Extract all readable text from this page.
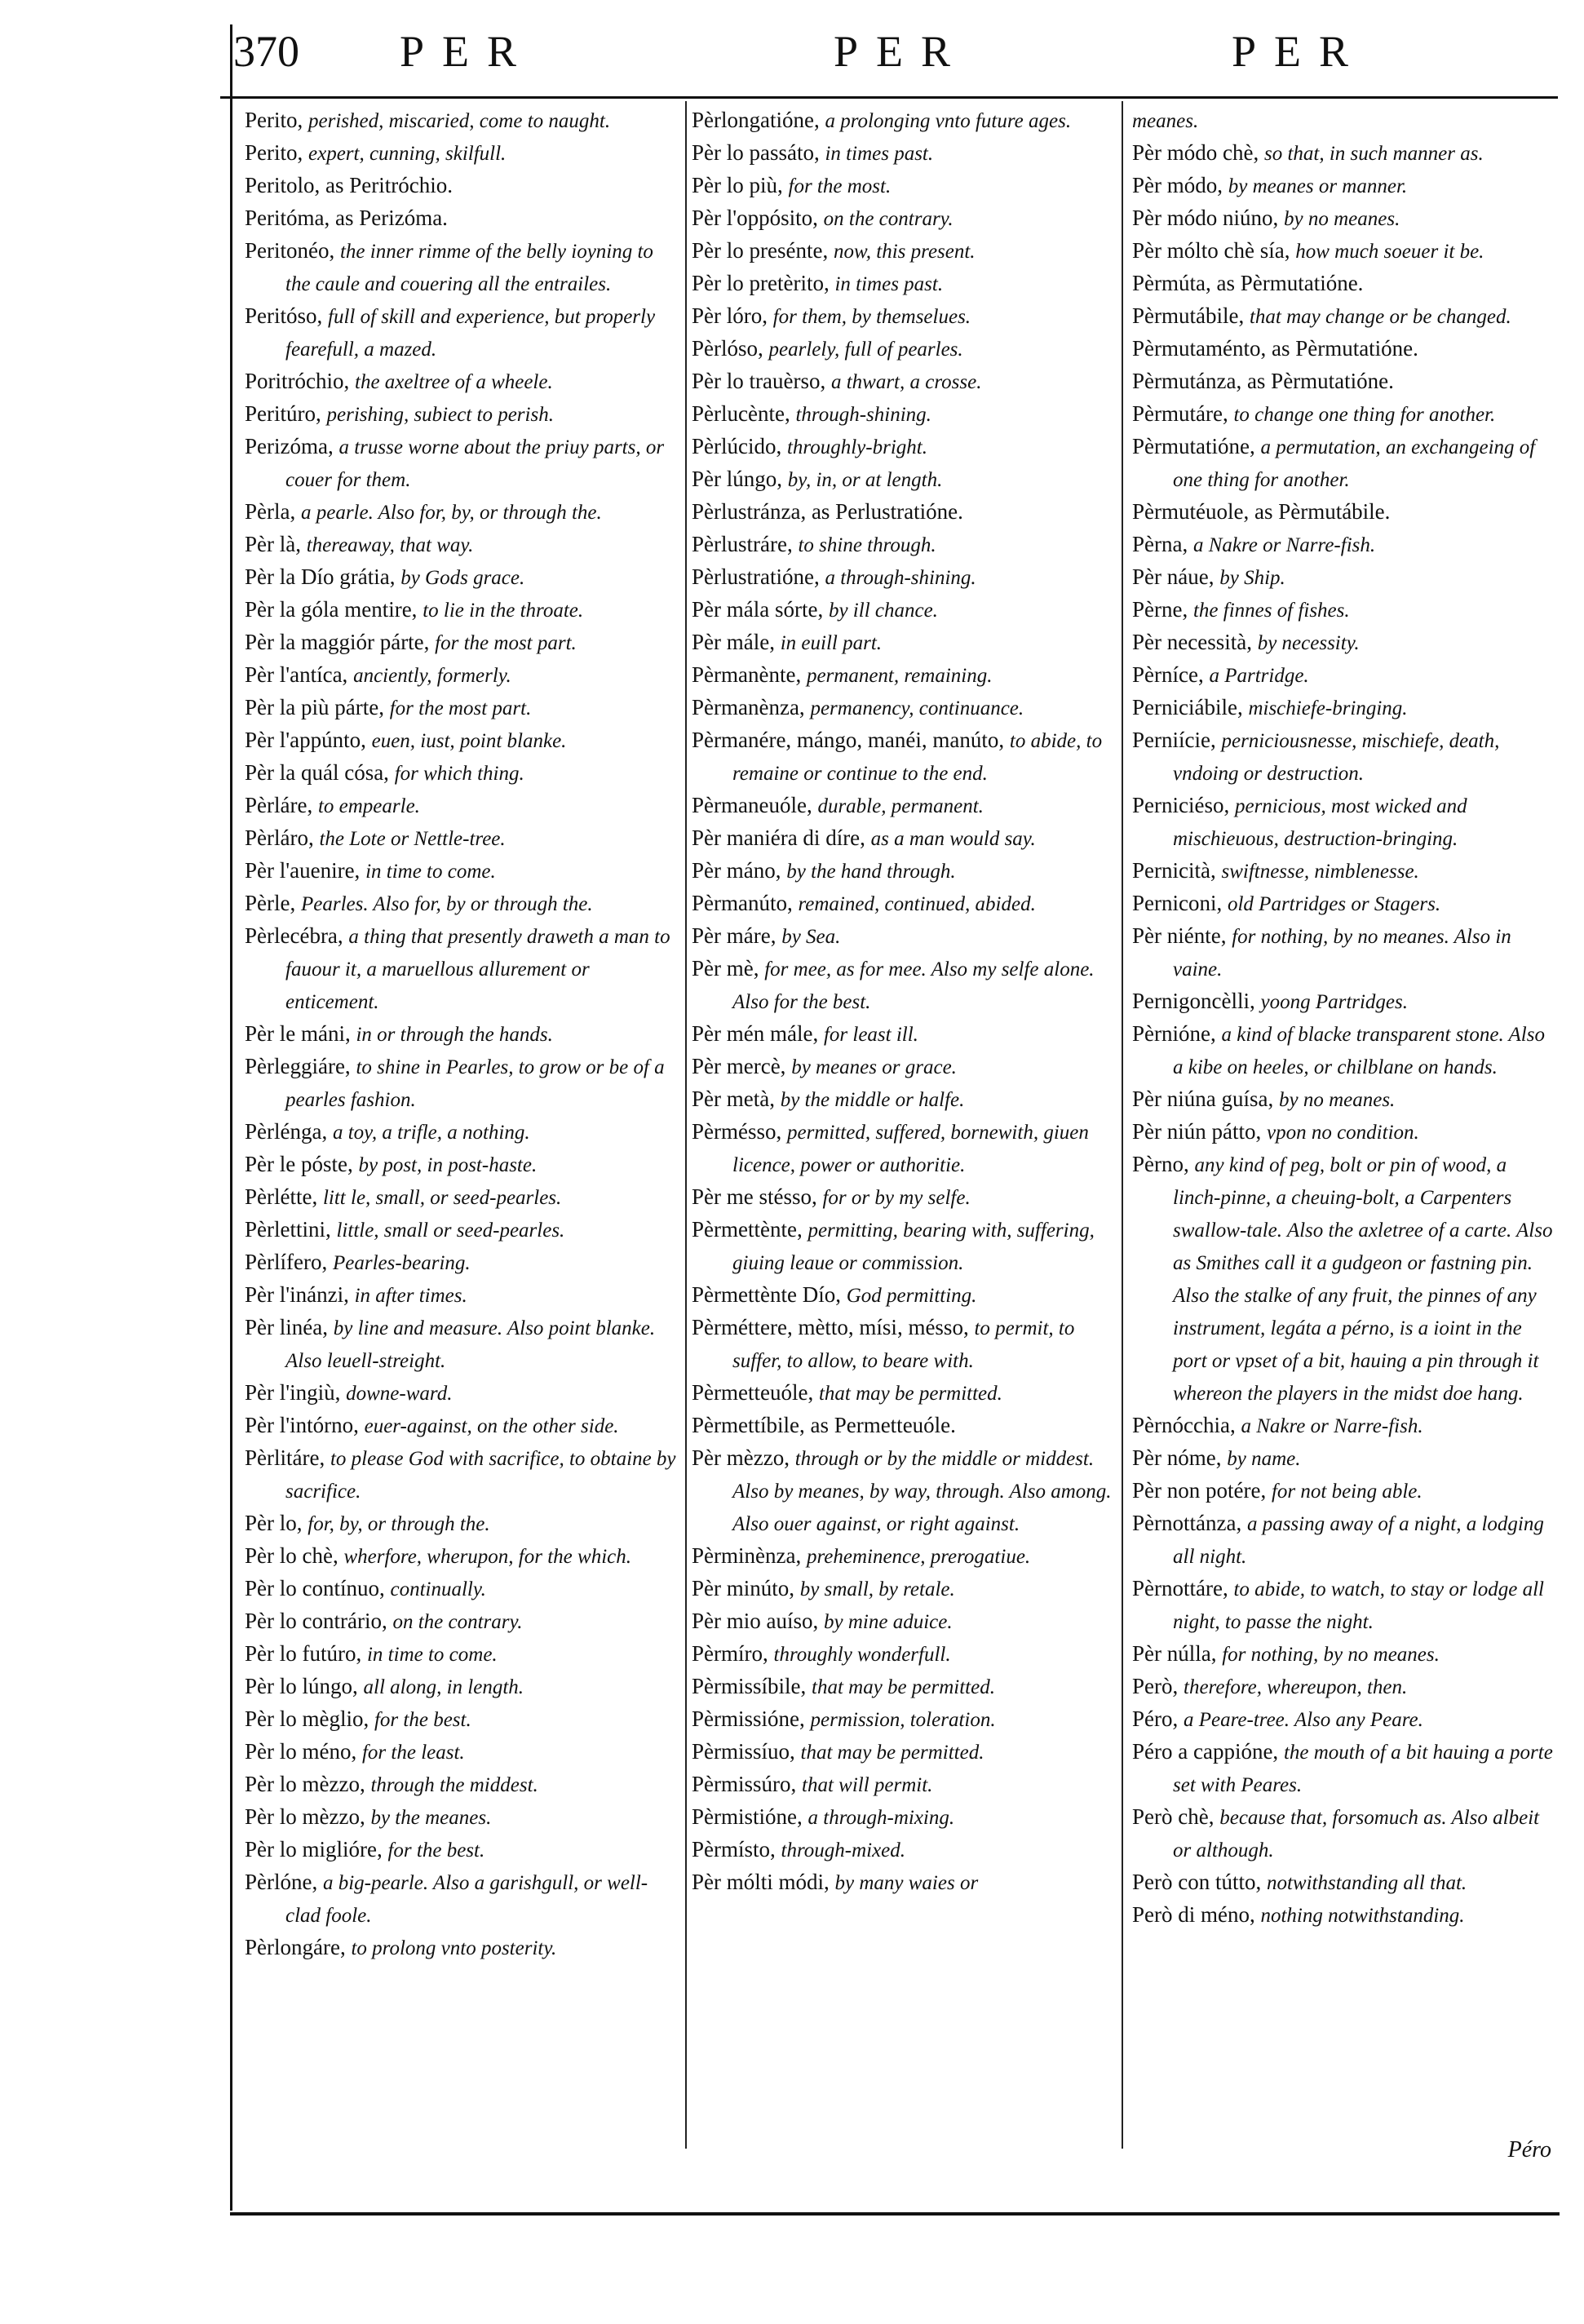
370 PER	PER	PER

Perito, perished, miscaried, come to naught.

Perito, expert, cunning, skilfull.

Peritolo, as Peritróchio.

Peritóma, as Perizóma.

Peritonéo, the inner rimme of the belly ioyning to the caule and couering all the entrailes.

Peritóso, full of skill and experience, but properly fearefull, a mazed.

Poritróchio, the axeltree of a wheele.

Peritúro, perishing, subiect to perish.

Perizóma, a trusse worne about the priuy parts, or couer for them.

Pèrla, a pearle. Also for, by, or through the.

Pèr là, thereaway, that way.

Pèr la Dío grátia, by Gods grace.

Pèr la góla mentire, to lie in the throate.

Pèr la maggiór párte, for the most part.

Pèr l'antíca, anciently, formerly.

Pèr la più párte, for the most part.

Pèr l'appúnto, euen, iust, point blanke.

Pèr la quál cósa, for which thing.

Pèrláre, to empearle.

Pèrláro, the Lote or Nettle-tree.

Pèr l'auenire, in time to come.

Pèrle, Pearles. Also for, by or through the.

Pèrlecébra, a thing that presently draweth a man to fauour it, a maruellous allurement or enticement.

Pèr le máni, in or through the hands.

Pèrleggiáre, to shine in Pearles, to grow or be of a pearles fashion.

Pèrlénga, a toy, a trifle, a nothing.

Pèr le póste, by post, in post-haste.

Pèrlétte, litt le, small, or seed-pearles.

Pèrlettini, little, small or seed-pearles.

Pèrlífero, Pearles-bearing.

Pèr l'inánzi, in after times.

Pèr linéa, by line and measure. Also point blanke. Also leuell-streight.

Pèr l'ingiù, downe-ward.

Pèr l'intórno, euer-against, on the other side.

Pèrlitáre, to please God with sacrifice, to obtaine by sacrifice.

Pèr lo, for, by, or through the.

Pèr lo chè, wherfore, wherupon, for the which.

Pèr lo contínuo, continually.

Pèr lo contrário, on the contrary.

Pèr lo futúro, in time to come.

Pèr lo lúngo, all along, in length.

Pèr lo mèglio, for the best.

Pèr lo méno, for the least.

Pèr lo mèzzo, through the middest.

Pèr lo mèzzo, by the meanes.

Pèr lo miglióre, for the best.

Pèrlóne, a big-pearle. Also a garishgull, or well-clad foole.

Pèrlongáre, to prolong vnto posterity.

Pèrlongatióne, a prolonging vnto future ages.

Pèr lo passáto, in times past.

Pèr lo più, for the most.

Pèr l'oppósito, on the contrary.

Pèr lo presénte, now, this present.

Pèr lo pretèrito, in times past.

Pèr lóro, for them, by themselues.

Pèrlóso, pearlely, full of pearles.

Pèr lo trauèrso, a thwart, a crosse.

Pèrlucènte, through-shining.

Pèrlúcido, throughly-bright.

Pèr lúngo, by, in, or at length.

Pèrlustránza, as Perlustratióne.

Pèrlustráre, to shine through.

Pèrlustratióne, a through-shining.

Pèr mála sórte, by ill chance.

Pèr mále, in euill part.

Pèrmanènte, permanent, remaining.

Pèrmanènza, permanency, continuance.

Pèrmanére, mángo, manéi, manúto, to abide, to remaine or continue to the end.

Pèrmaneuóle, durable, permanent.

Pèr maniéra di díre, as a man would say.

Pèr máno, by the hand through.

Pèrmanúto, remained, continued, abided.

Pèr máre, by Sea.

Pèr mè, for mee, as for mee. Also my selfe alone. Also for the best.

Pèr mén mále, for least ill.

Pèr mercè, by meanes or grace.

Pèr metà, by the middle or halfe.

Pèrmésso, permitted, suffered, bornewith, giuen licence, power or authoritie.

Pèr me stésso, for or by my selfe.

Pèrmettènte, permitting, bearing with, suffering, giuing leaue or commission.

Pèrmettènte Dío, God permitting.

Pèrméttere, mètto, mísi, mésso, to permit, to suffer, to allow, to beare with.

Pèrmetteuóle, that may be permitted.

Pèrmettíbile, as Permetteuóle.

Pèr mèzzo, through or by the middle or middest. Also by meanes, by way, through. Also among. Also ouer against, or right against.

Pèrminènza, preheminence, prerogatiue.

Pèr minúto, by small, by retale.

Pèr mio auíso, by mine aduice.

Pèrmíro, throughly wonderfull.

Pèrmissíbile, that may be permitted.

Pèrmissióne, permission, toleration.

Pèrmissíuo, that may be permitted.

Pèrmissúro, that will permit.

Pèrmistióne, a through-mixing.

Pèrmísto, through-mixed.

Pèr mólti módi, by many waies or

meanes.

Pèr módo chè, so that, in such manner as.

Pèr módo, by meanes or manner.

Pèr módo niúno, by no meanes.

Pèr mólto chè sía, how much soeuer it be.

Pèrmúta, as Pèrmutatióne.

Pèrmutábile, that may change or be changed.

Pèrmutaménto, as Pèrmutatióne.

Pèrmutánza, as Pèrmutatióne.

Pèrmutáre, to change one thing for another.

Pèrmutatióne, a permutation, an exchangeing of one thing for another.

Pèrmutéuole, as Pèrmutábile.

Pèrna, a Nakre or Narre-fish.

Pèr náue, by Ship.

Pèrne, the finnes of fishes.

Pèr necessità, by necessity.

Pèrníce, a Partridge.

Perniciábile, mischiefe-bringing.

Perniície, perniciousnesse, mischiefe, death, vndoing or destruction.

Perniciéso, pernicious, most wicked and mischieuous, destruction-bringing.

Pernicità, swiftnesse, nimblenesse.

Perniconi, old Partridges or Stagers.

Pèr niénte, for nothing, by no meanes. Also in vaine.

Pernigoncèlli, yoong Partridges.

Pèrnióne, a kind of blacke transparent stone. Also a kibe on heeles, or chilblane on hands.

Pèr niúna guísa, by no meanes.

Pèr niún pátto, vpon no condition.

Pèrno, any kind of peg, bolt or pin of wood, a linch-pinne, a cheuing-bolt, a Carpenters swallow-tale. Also the axletree of a carte. Also as Smithes call it a gudgeon or fastning pin. Also the stalke of any fruit, the pinnes of any instrument, legáta a pérno, is a ioint in the port or vpset of a bit, hauing a pin through it whereon the players in the midst doe hang.

Pèrnócchia, a Nakre or Narre-fish.

Pèr nóme, by name.

Pèr non potére, for not being able.

Pèrnottánza, a passing away of a night, a lodging all night.

Pèrnottáre, to abide, to watch, to stay or lodge all night, to passe the night.

Pèr núlla, for nothing, by no meanes.

Però, therefore, whereupon, then.

Péro, a Peare-tree. Also any Peare.

Péro a cappióne, the mouth of a bit hauing a porte set with Peares.

Però chè, because that, forsomuch as. Also albeit or although.

Però con tútto, notwithstanding all that.

Però di méno, nothing notwithstanding.

Péro
